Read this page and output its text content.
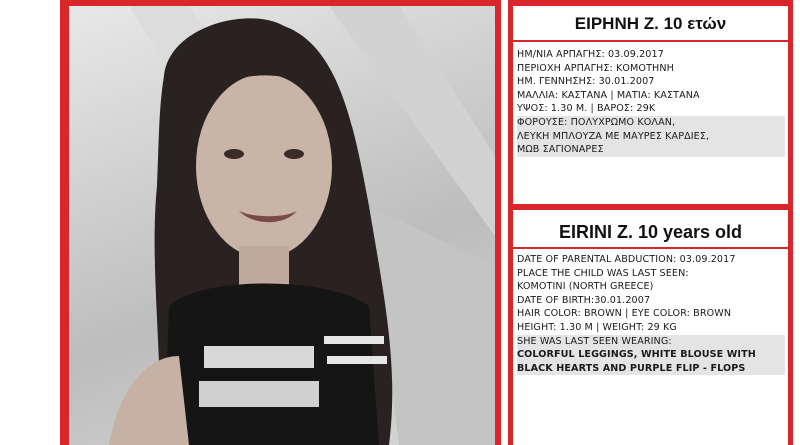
ΕΙΡΗΝΗ Ζ. 10 ετών
ΗΜ/ΝΙΑ ΑΡΠΑΓΗΣ: 03.09.2017
ΠΕΡΙΟΧΗ ΑΡΠΑΓΗΣ: ΚΟΜΟΤΗΝΗ
ΗΜ. ΓΕΝΝΗΣΗΣ: 30.01.2007
ΜΑΛΛΙΑ: ΚΑΣΤΑΝΑ | ΜΑΤΙΑ: ΚΑΣΤΑΝΑ
ΥΨΟΣ: 1.30 Μ. | ΒΑΡΟΣ: 29Κ
ΦΟΡΟΥΣΕ: ΠΟΛΥΧΡΩΜΟ ΚΟΛΑΝ,
ΛΕΥΚΗ ΜΠΛΟΥΖΑ ΜΕ ΜΑΥΡΕΣ ΚΑΡΔΙΕΣ,
ΜΩΒ ΣΑΓΙΟΝΑΡΕΣ
EIRINI Z. 10 years old
DATE OF PARENTAL ABDUCTION: 03.09.2017
PLACE THE CHILD WAS LAST SEEN:
KOMOTINI (NORTH GREECE)
DATE OF BIRTH:30.01.2007
HAIR COLOR: BROWN | EYE COLOR: BROWN
HEIGHT: 1.30 M | WEIGHT: 29 KG
SHE WAS LAST SEEN WEARING:
COLORFUL LEGGINGS, WHITE BLOUSE WITH
BLACK HEARTS AND PURPLE FLIP - FLOPS
